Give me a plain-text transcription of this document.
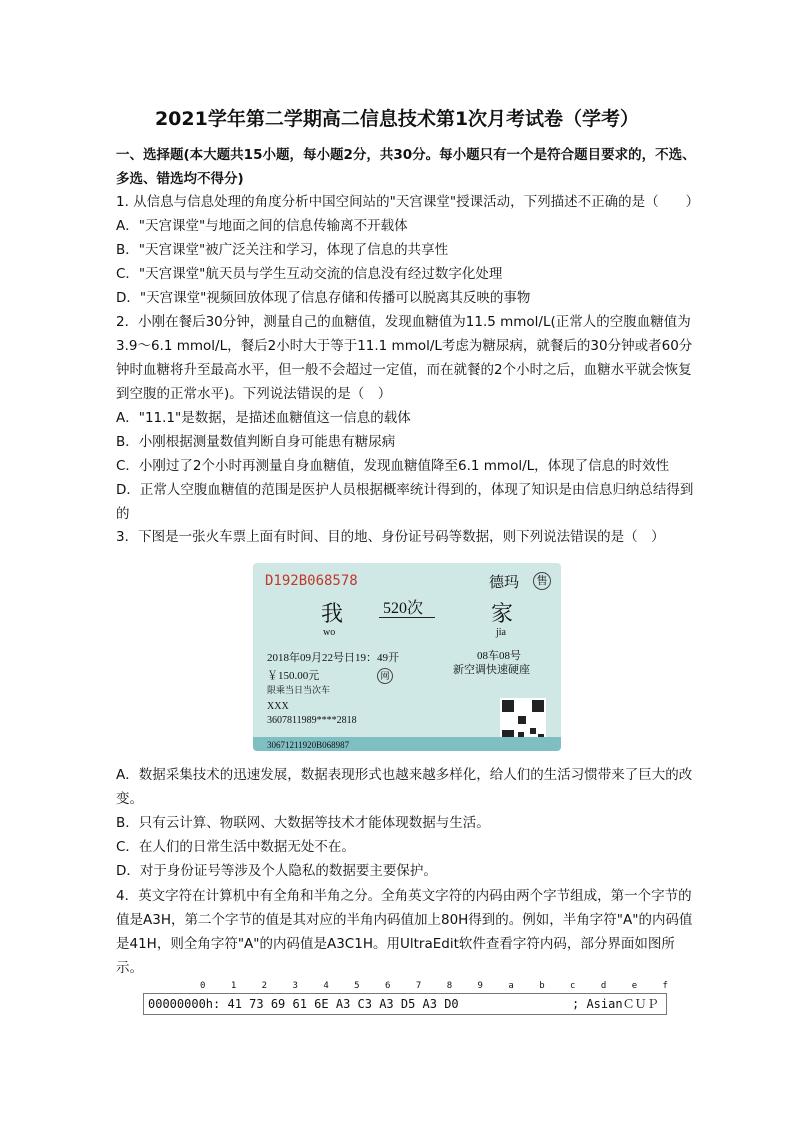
2021学年第二学期高二信息技术第1次月考试卷（学考）
一、选择题(本大题共15小题，每小题2分，共30分。每小题只有一个是符合题目要求的，不选、多选、错选均不得分)
1. 从信息与信息处理的角度分析中国空间站的"天宫课堂"授课活动，下列描述不正确的是（　　）
A．"天宫课堂"与地面之间的信息传输离不开载体
B．"天宫课堂"被广泛关注和学习，体现了信息的共享性
C．"天宫课堂"航天员与学生互动交流的信息没有经过数字化处理
D．"天宫课堂"视频回放体现了信息存储和传播可以脱离其反映的事物
2．小刚在餐后30分钟，测量自己的血糖值，发现血糖值为11.5 mmol/L(正常人的空腹血糖值为3.9～6.1 mmol/L，餐后2小时大于等于11.1 mmol/L考虑为糖尿病，就餐后的30分钟或者60分钟时血糖将升至最高水平，但一般不会超过一定值，而在就餐的2个小时之后，血糖水平就会恢复到空腹的正常水平)。下列说法错误的是（　）
A．"11.1"是数据，是描述血糖值这一信息的载体
B．小刚根据测量数值判断自身可能患有糖尿病
C．小刚过了2个小时再测量自身血糖值，发现血糖值降至6.1 mmol/L，体现了信息的时效性
D．正常人空腹血糖值的范围是医护人员根据概率统计得到的，体现了知识是由信息归纳总结得到的
3．下图是一张火车票上面有时间、目的地、身份证号码等数据，则下列说法错误的是（　）
D192B068578	德玛	售
我 520次	家
wo	jia
2018年09月22号日19：49开	08车08号
新空调快速硬座
￥150.00元	网
限乘当日当次车
XXX
3607811989****2818
30671211920B068987
A．数据采集技术的迅速发展，数据表现形式也越来越多样化，给人们的生活习惯带来了巨大的改变。
B．只有云计算、物联网、大数据等技术才能体现数据与生活。
C．在人们的日常生活中数据无处不在。
D．对于身份证号等涉及个人隐私的数据要主要保护。
4．英文字符在计算机中有全角和半角之分。全角英文字符的内码由两个字节组成，第一个字节的值是A3H，第二个字节的值是其对应的半角内码值加上80H得到的。例如，半角字符"A"的内码值是41H，则全角字符"A"的内码值是A3C1H。用UltraEdit软件查看字符内码，部分界面如图所示。
0 1 2 3 4 5 6 7 8 9 a b c d e f
00000000h: 41 73 69 61 6E A3 C3 A3 D5 A3 D0	; AsianＣＵＰ
